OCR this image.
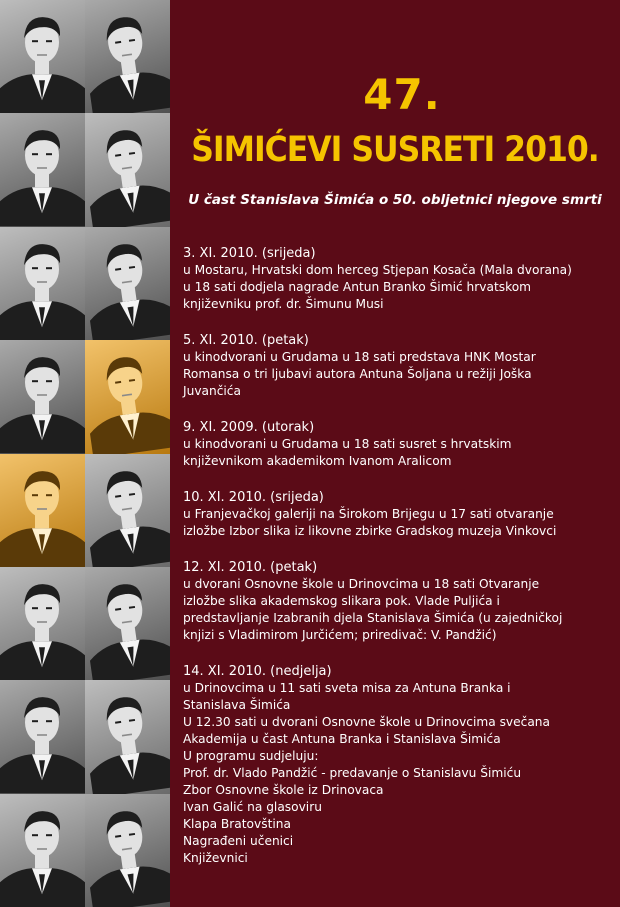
47.
ŠIMIĆEVI SUSRETI 2010.
U čast Stanislava Šimića o 50. obljetnici njegove smrti
3. XI. 2010. (srijeda)
u Mostaru, Hrvatski dom herceg Stjepan Kosača (Mala dvorana)
u 18 sati dodjela nagrade Antun Branko Šimić hrvatskom
književniku prof. dr. Šimunu Musi
5. XI. 2010. (petak)
u kinodvorani u Grudama u 18 sati predstava HNK Mostar
Romansa o tri ljubavi autora Antuna Šoljana u režiji Joška
Juvančića
9. XI. 2009. (utorak)
u kinodvorani u Grudama u 18 sati susret s hrvatskim
književnikom akademikom Ivanom Aralicom
10. XI. 2010. (srijeda)
u Franjevačkoj galeriji na Širokom Brijegu u 17 sati otvaranje
izložbe Izbor slika iz likovne zbirke Gradskog muzeja Vinkovci
12. XI. 2010. (petak)
u dvorani Osnovne škole u Drinovcima u 18 sati Otvaranje
izložbe slika akademskog slikara pok. Vlade Puljića i
predstavljanje Izabranih djela Stanislava Šimića (u zajedničkoj
knjizi s Vladimirom Jurčićem; priredivač: V. Pandžić)
14. XI. 2010. (nedjelja)
u Drinovcima u 11 sati sveta misa za Antuna Branka i
Stanislava Šimića
U 12.30 sati u dvorani Osnovne škole u Drinovcima svečana
Akademija u čast Antuna Branka i Stanislava Šimića
U programu sudjeluju:
Prof. dr. Vlado Pandžić - predavanje o Stanislavu Šimiću
Zbor Osnovne škole iz Drinovaca
Ivan Galić na glasoviru
Klapa Bratovština
Nagrađeni učenici
Književnici
